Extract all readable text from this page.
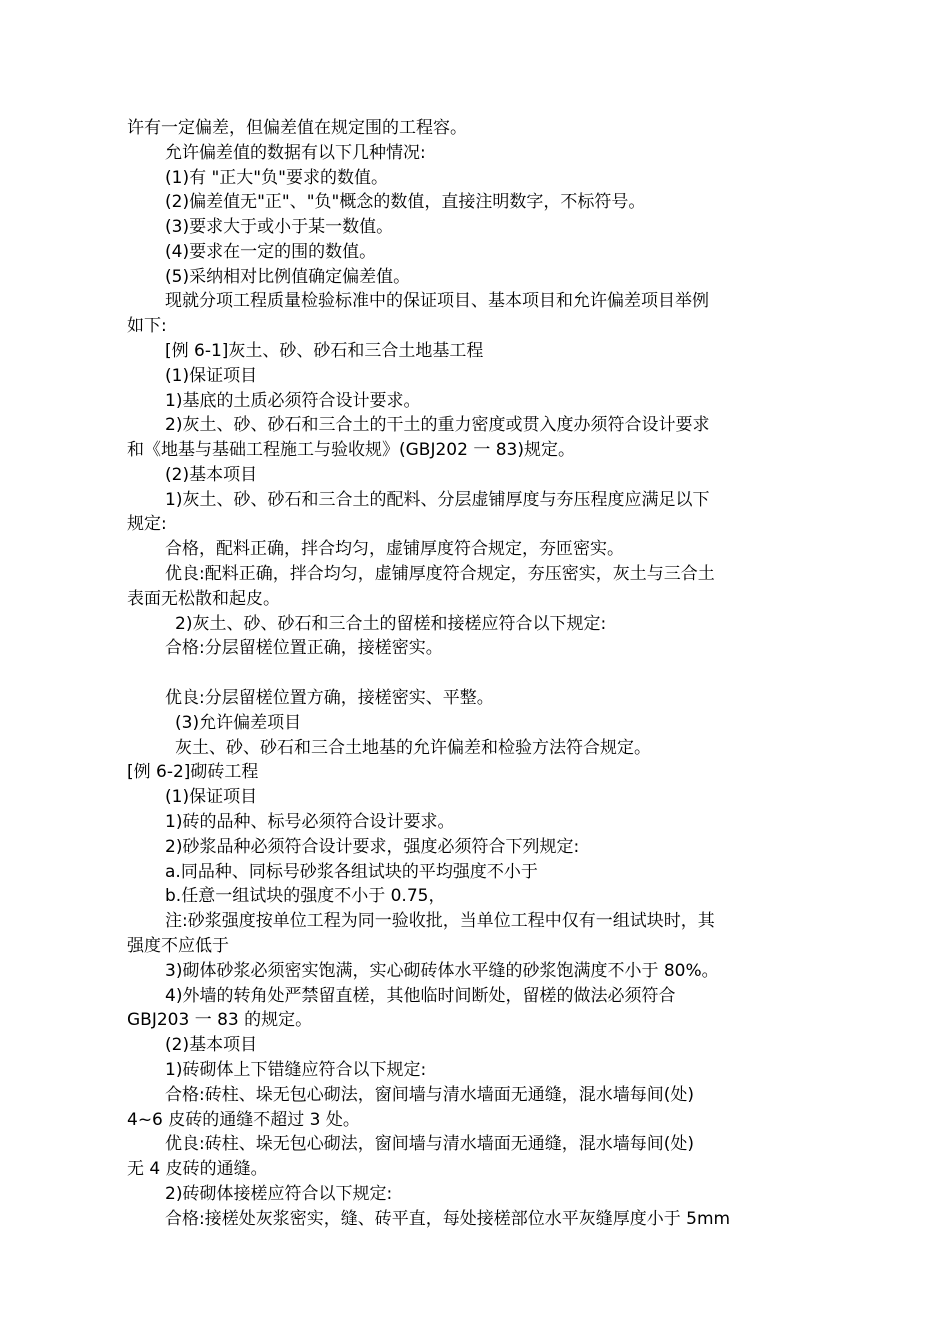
许有一定偏差，但偏差值在规定围的工程容。
允许偏差值的数据有以下几种情况:
(1)有 "正大"负"要求的数值。
(2)偏差值无"正"、"负"概念的数值，直接注明数字，不标符号。
(3)要求大于或小于某一数值。
(4)要求在一定的围的数值。
(5)采纳相对比例值确定偏差值。
现就分项工程质量检验标准中的保证项目、基本项目和允许偏差项目举例
如下:
[例 6-1]灰土、砂、砂石和三合土地基工程
(1)保证项目
1)基底的土质必须符合设计要求。
2)灰土、砂、砂石和三合土的干土的重力密度或贯入度办须符合设计要求
和《地基与基础工程施工与验收规》(GBJ202 一 83)规定。
(2)基本项目
1)灰土、砂、砂石和三合土的配料、分层虚铺厚度与夯压程度应满足以下
规定:
合格，配料正确，拌合均匀，虚铺厚度符合规定，夯匝密实。
优良:配料正确，拌合均匀，虚铺厚度符合规定，夯压密实，灰土与三合土
表面无松散和起皮。
2)灰土、砂、砂石和三合土的留槎和接槎应符合以下规定:
合格:分层留槎位置正确，接槎密实。
优良:分层留槎位置方确，接槎密实、平整。
(3)允许偏差项目
灰土、砂、砂石和三合土地基的允许偏差和检验方法符合规定。
[例 6-2]砌砖工程
(1)保证项目
1)砖的品种、标号必须符合设计要求。
2)砂浆品种必须符合设计要求，强度必须符合下列规定:
a.同品种、同标号砂浆各组试块的平均强度不小于
b.任意一组试块的强度不小于 0.75，
注:砂浆强度按单位工程为同一验收批，当单位工程中仅有一组试块时，其
强度不应低于
3)砌体砂浆必须密实饱满，实心砌砖体水平缝的砂浆饱满度不小于 80%。
4)外墙的转角处严禁留直槎，其他临时间断处，留槎的做法必须符合
GBJ203 一 83 的规定。
(2)基本项目
1)砖砌体上下错缝应符合以下规定:
合格:砖柱、垛无包心砌法，窗间墙与清水墙面无通缝，混水墙每间(处)
4~6 皮砖的通缝不超过 3 处。
优良:砖柱、垛无包心砌法，窗间墙与清水墙面无通缝，混水墙每间(处)
无 4 皮砖的通缝。
2)砖砌体接槎应符合以下规定:
合格:接槎处灰浆密实，缝、砖平直，每处接槎部位水平灰缝厚度小于 5mm
